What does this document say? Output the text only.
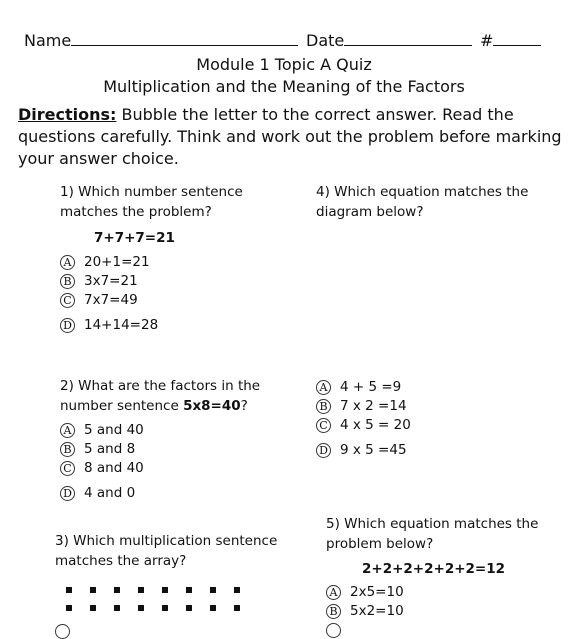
Name	Date	#
Module 1 Topic A Quiz
Multiplication and the Meaning of the Factors
Directions: Bubble the letter to the correct answer. Read the questions carefully. Think and work out the problem before marking your answer choice.
1) Which number sentence matches the problem?
7+7+7=21
A 20+1=21
B 3x7=21
C 7x7=49
D 14+14=28
4) Which equation matches the diagram below?
A 4 + 5 =9
B 7 x 2 =14
C 4 x 5 = 20
D 9 x 5 =45
2) What are the factors in the number sentence 5x8=40?
A 5 and 40
B 5 and 8
C 8 and 40
D 4 and 0
3) Which multiplication sentence matches the array?
5) Which equation matches the problem below?
2+2+2+2+2+2=12
A 2x5=10
B 5x2=10
